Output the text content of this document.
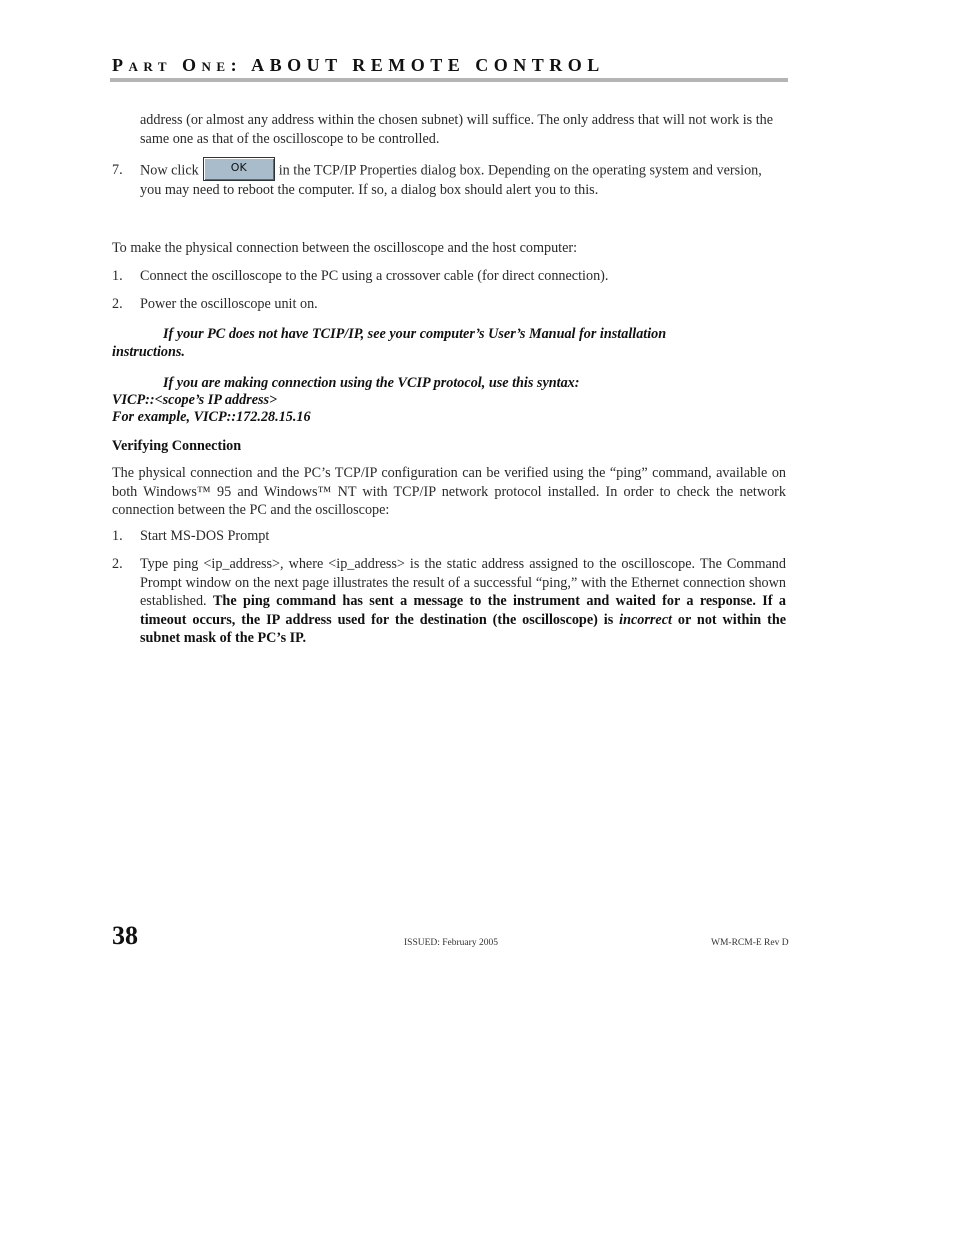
PART ONE: ABOUT REMOTE CONTROL
address (or almost any address within the chosen subnet) will suffice. The only address that will not work is the same one as that of the oscilloscope to be controlled.
7. Now click	OK in the TCP/IP Properties dialog box. Depending on the operating system and version, you may need to reboot the computer. If so, a dialog box should alert you to this.
To make the physical connection between the oscilloscope and the host computer:
1. Connect the oscilloscope to the PC using a crossover cable (for direct connection).
2. Power the oscilloscope unit on.
If your PC does not have TCIP/IP, see your computer’s User’s Manual for installation
instructions.
If you are making connection using the VCIP protocol, use this syntax:
VICP::<scope’s IP address>
For example, VICP::172.28.15.16
Verifying Connection
The physical connection and the PC’s TCP/IP configuration can be verified using the “ping” command, available on both Windows™ 95 and Windows™ NT with TCP/IP network protocol installed. In order to check the network connection between the PC and the oscilloscope:
1. Start MS-DOS Prompt
2. Type ping <ip_address>, where <ip_address> is the static address assigned to the oscilloscope. The Command Prompt window on the next page illustrates the result of a successful “ping,” with the Ethernet connection shown established. The ping command has sent a message to the instrument and waited for a response. If a timeout occurs, the IP address used for the destination (the oscilloscope) is incorrect or not within the subnet mask of the PC’s IP.
38	ISSUED: February 2005	WM-RCM-E Rev D
